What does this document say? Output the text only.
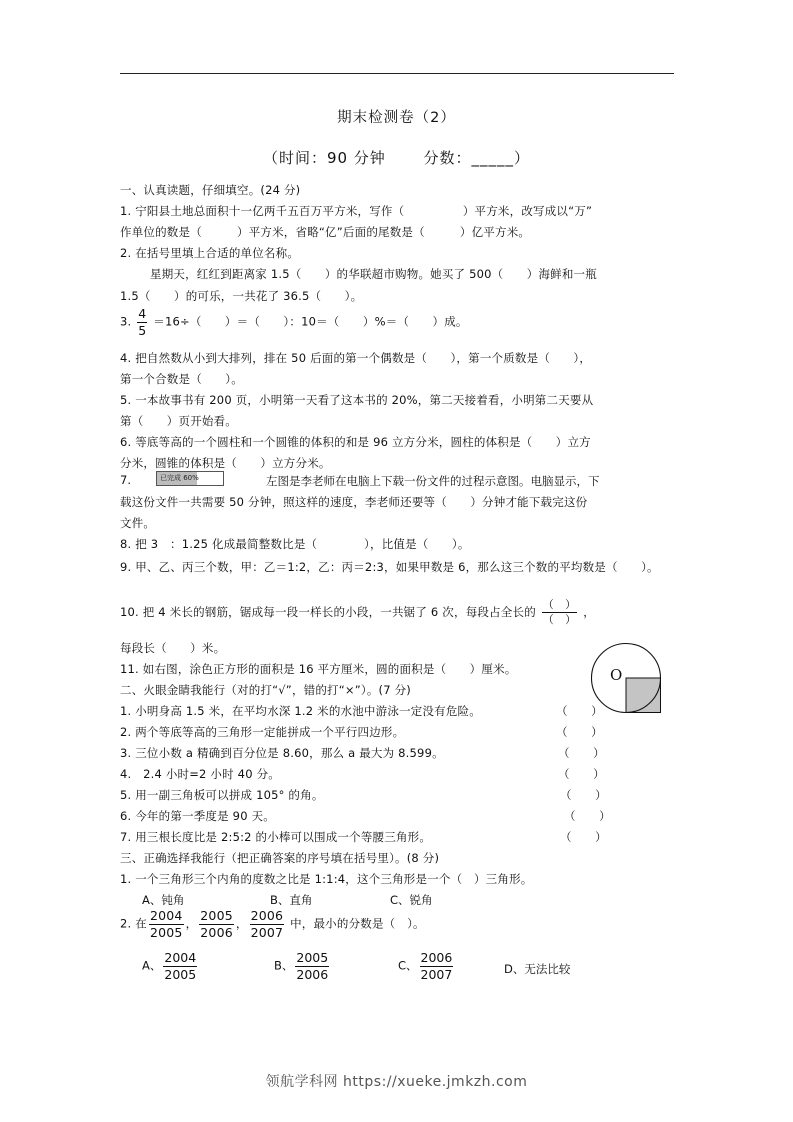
期末检测卷（2）
（时间：90 分钟　　 分数：_____）
一、认真读题，仔细填空。(24 分)
1. 宁阳县土地总面积十一亿两千五百万平方米，写作（　　　　　）平方米，改写成以“万”
作单位的数是（　　　）平方米，省略“亿”后面的尾数是（　　　）亿平方米。
2. 在括号里填上合适的单位名称。
星期天，红红到距离家 1.5（　　）的华联超市购物。她买了 500（　　）海鲜和一瓶
1.5（　　）的可乐，一共花了 36.5（　　）。
3. $\frac{4}{5} =16\div$（　　）＝（　　）：10＝（　　）%＝（　　）成。
4. 把自然数从小到大排列，排在 50 后面的第一个偶数是（　　），第一个质数是（　　），
第一个合数是（　　）。
5. 一本故事书有 200 页，小明第一天看了这本书的 20%，第二天接着看，小明第二天要从
第（　　）页开始看。
6. 等底等高的一个圆柱和一个圆锥的体积的和是 96 立方分米，圆柱的体积是（　　）立方
分米，圆锥的体积是（　　）立方分米。
7.	已完成 60%	左图是李老师在电脑上下载一份文件的过程示意图。电脑显示，下
载这份文件一共需要 50 分钟，照这样的速度，李老师还要等（　　）分钟才能下载完这份
文件。
8. 把 3　：1.25 化成最简整数比是（　　　　），比值是（　　）。
9. 甲、乙、丙三个数，甲：乙＝1:2，乙：丙＝2:3，如果甲数是 6，那么这三个数的平均数是（　　）。
10. 把 4 米长的钢筋，锯成每一段一样长的小段，一共锯了 6 次，每段占全长的 $\frac{( )}{( )}$ ，
每段长（　　）米。
11. 如右图，涂色正方形的面积是 16 平方厘米，圆的面积是（　　）厘米。	O
二、火眼金睛我能行（对的打“√”，错的打“×”）。(7 分)
1. 小明身高 1.5 米，在平均水深 1.2 米的水池中游泳一定没有危险。	（　　）
2. 两个等底等高的三角形一定能拼成一个平行四边形。	（　　）
3. 三位小数 a 精确到百分位是 8.60，那么 a 最大为 8.599。	（　　）
4.　2.4 小时=2 小时 40 分。	（　　）
5. 用一副三角板可以拼成 105° 的角。	（　　）
6. 今年的第一季度是 90 天。	（　　）
7. 用三根长度比是 2:5:2 的小棒可以围成一个等腰三角形。	（　　）
三、正确选择我能行（把正确答案的序号填在括号里）。(8 分)
1. 一个三角形三个内角的度数之比是 1:1:4，这个三角形是一个（　）三角形。
A、钝角	B、直角	C、锐角
2. 在 $\frac{2004}{2005}$ ， $\frac{2005}{2006}$ ， $\frac{2006}{2007}$ 中，最小的分数是（　）。
A、 $\frac{2004}{2005}$	B、 $\frac{2005}{2006}$	C、 $\frac{2006}{2007}$	D、无法比较
领航学科网 https://xueke.jmkzh.com
